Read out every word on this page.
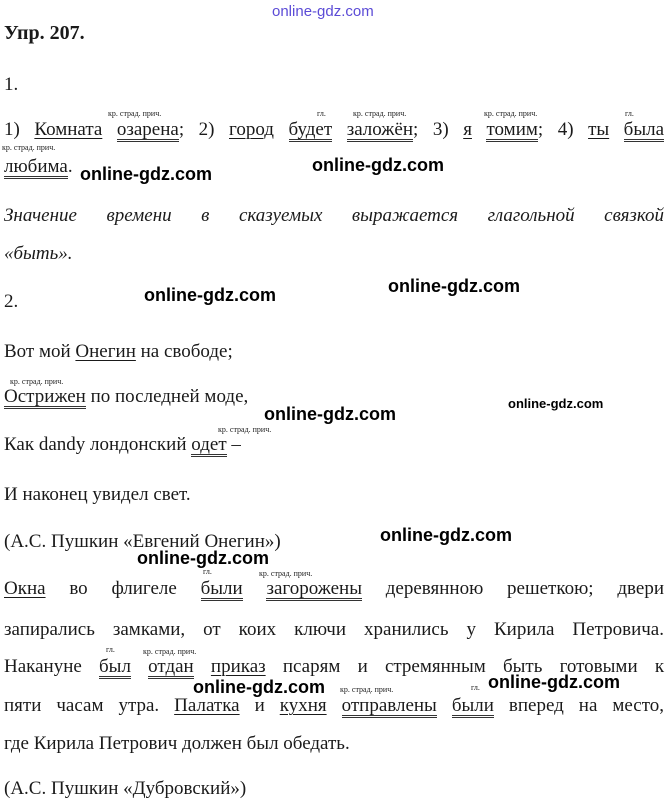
online-gdz.com
Упр. 207.
1.
кр. страд. прич.	гл.	кр. страд. прич.	кр. страд. прич.	гл.
1) Комната озарена; 2) город будет заложён; 3) я томим; 4) ты была
кр. страд. прич.
любима.
Значение времени в сказуемых выражается глагольной связкой
«быть».
2.
Вот мой Онегин на свободе;
кр. страд. прич.
Острижен по последней моде,
кр. страд. прич.
Как dandy лондонский одет –
И наконец увидел свет.
(А.С. Пушкин «Евгений Онегин»)
гл.	кр. страд. прич.
Окна во флигеле были загорожены деревянною решеткою; двери
запирались замками, от коих ключи хранились у Кирила Петровича.
гл.	кр. страд. прич.
Накануне был отдан приказ псарям и стремянным быть готовыми к
кр. страд. прич.	гл.
пяти часам утра. Палатка и кухня отправлены были вперед на место,
где Кирила Петрович должен был обедать.
(А.С. Пушкин «Дубровский»)
online-gdz.com	online-gdz.com
online-gdz.com	online-gdz.com
online-gdz.com
online-gdz.com
online-gdz.com
online-gdz.com
online-gdz.com	online-gdz.com
